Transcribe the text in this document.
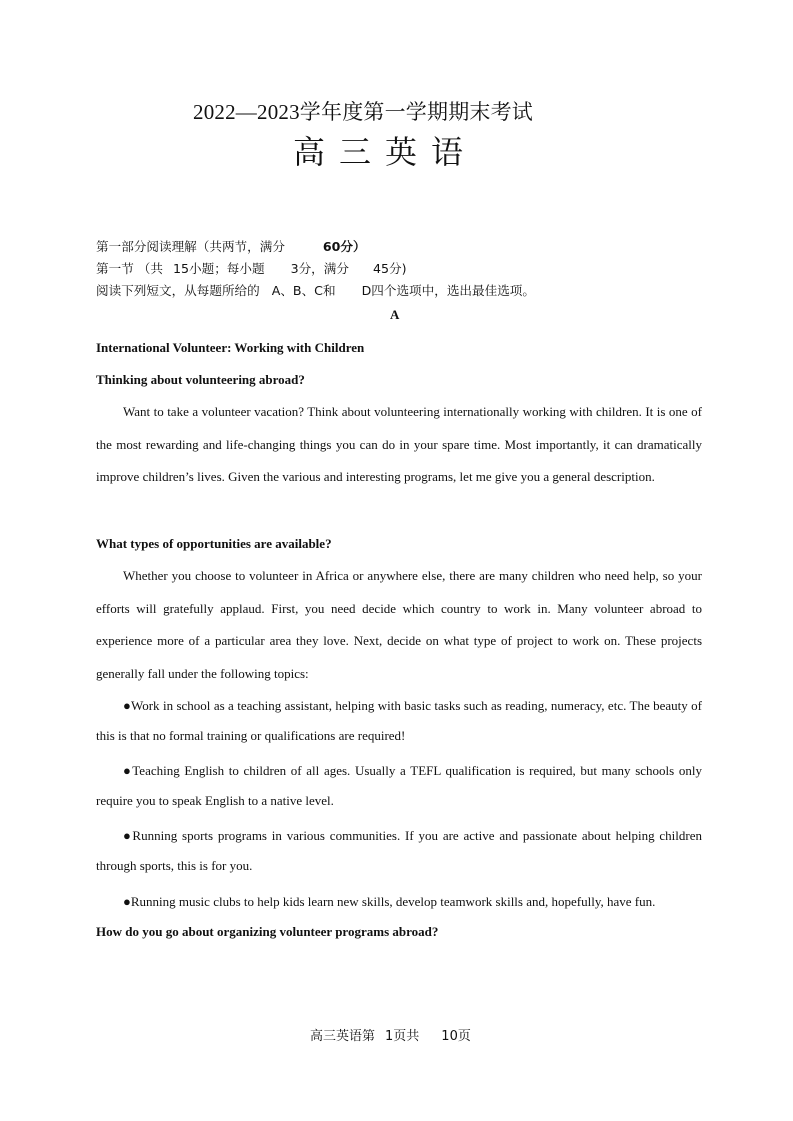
2022—2023学年度第一学期期末考试
高三英语
第一部分阅读理解（共两节，满分	60分）
第一节 （共 15小题；每小题 3分，满分 45分)
阅读下列短文，从每题所给的 A、B、C和 D四个选项中，选出最佳选项。
A
International Volunteer: Working with Children
Thinking about volunteering abroad?

Want to take a volunteer vacation? Think about volunteering internationally working with children. It is one of the most rewarding and life-changing things you can do in your spare time. Most importantly, it can dramatically improve children’s lives. Given the various and interesting programs, let me give you a general description.

What types of opportunities are available?

Whether you choose to volunteer in Africa or anywhere else, there are many children who need help, so your efforts will gratefully applaud. First, you need decide which country to work in. Many volunteer abroad to experience more of a particular area they love. Next, decide on what type of project to work on. These projects generally fall under the following topics:

●Work in school as a teaching assistant, helping with basic tasks such as reading, numeracy, etc. The beauty of this is that no formal training or qualifications are required!

●Teaching English to children of all ages. Usually a TEFL qualification is required, but many schools only require you to speak English to a native level.

●Running sports programs in various communities. If you are active and passionate about helping children through sports, this is for you.

●Running music clubs to help kids learn new skills, develop teamwork skills and, hopefully, have fun.

How do you go about organizing volunteer programs abroad?
高三英语第 1页共 10页
